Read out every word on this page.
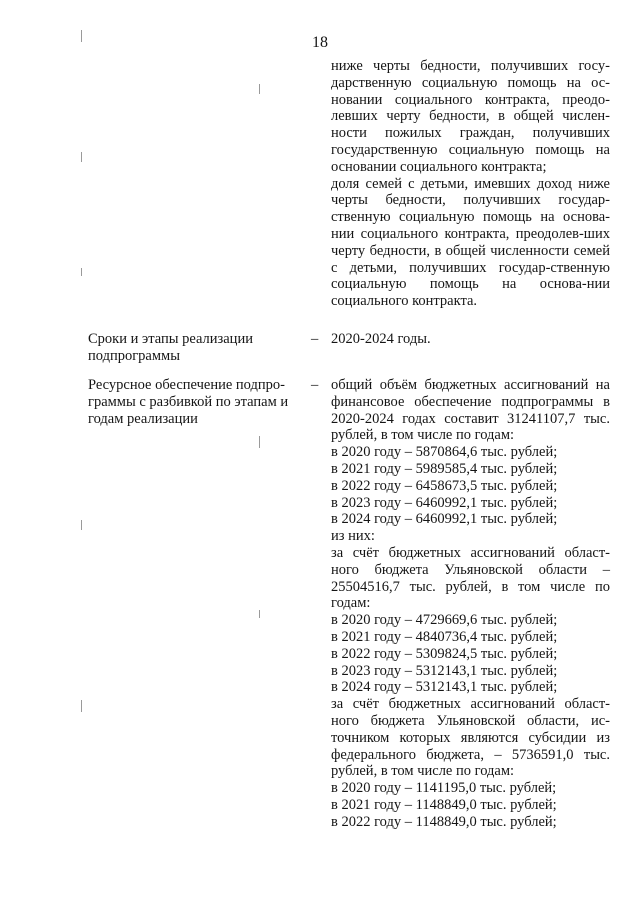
18

ниже черты бедности, получивших госу-дарственную социальную помощь на ос-новании социального контракта, преодо-левших черту бедности, в общей числен-ности пожилых граждан, получивших государственную социальную помощь на основании социального контракта;

доля семей с детьми, имевших доход ниже черты бедности, получивших государ-ственную социальную помощь на основа-нии социального контракта, преодолев-ших черту бедности, в общей численности семей с детьми, получивших государ-ственную социальную помощь на основа-нии социального контракта.

Сроки и этапы реализации подпрограммы
– 2020-2024 годы.
Ресурсное обеспечение подпро-граммы с разбивкой по этапам и годам реализации
– общий объём бюджетных ассигнований на финансовое обеспечение подпрограммы в 2020-2024 годах составит 31241107,7 тыс. рублей, в том числе по годам:

в 2020 году – 5870864,6 тыс. рублей;
в 2021 году – 5989585,4 тыс. рублей;
в 2022 году – 6458673,5 тыс. рублей;
в 2023 году – 6460992,1 тыс. рублей;
в 2024 году – 6460992,1 тыс. рублей;
из них:

за счёт бюджетных ассигнований област-ного бюджета Ульяновской области – 25504516,7 тыс. рублей, в том числе по годам:

в 2020 году – 4729669,6 тыс. рублей;
в 2021 году – 4840736,4 тыс. рублей;
в 2022 году – 5309824,5 тыс. рублей;
в 2023 году – 5312143,1 тыс. рублей;
в 2024 году – 5312143,1 тыс. рублей;

за счёт бюджетных ассигнований област-ного бюджета Ульяновской области, ис-точником которых являются субсидии из федерального бюджета, – 5736591,0 тыс. рублей, в том числе по годам:

в 2020 году – 1141195,0 тыс. рублей;
в 2021 году – 1148849,0 тыс. рублей;
в 2022 году – 1148849,0 тыс. рублей;
